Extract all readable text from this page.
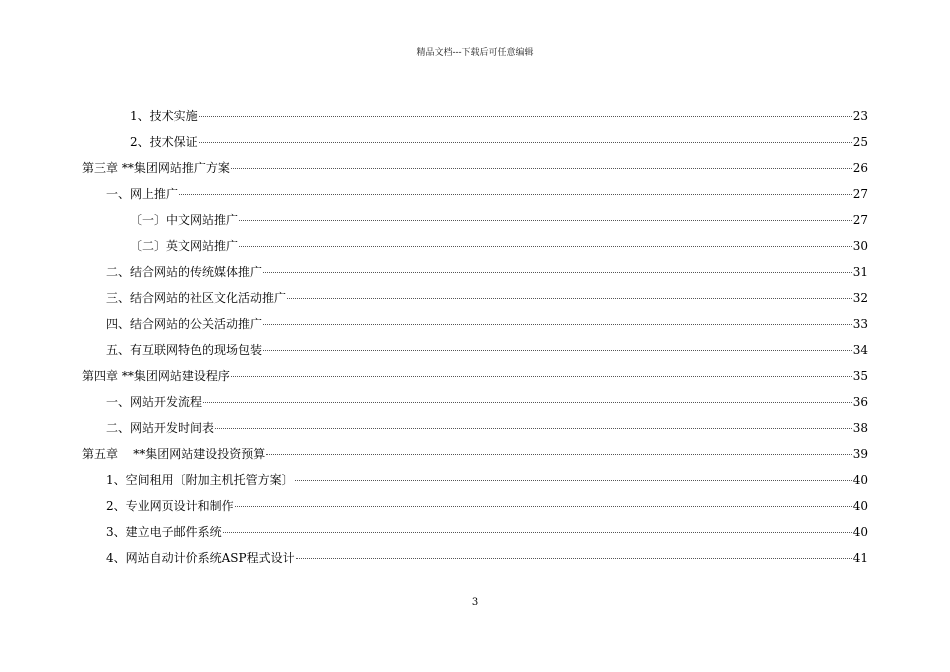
精品文档---下载后可任意编辑
1、技术实施	23
2、技术保证	25
第三章 **集团网站推广方案	26
一、网上推广	27
〔一〕中文网站推广	27
〔二〕英文网站推广	30
二、结合网站的传统媒体推广	31
三、结合网站的社区文化活动推广	32
四、结合网站的公关活动推广	33
五、有互联网特色的现场包装	34
第四章 **集团网站建设程序	35
一、网站开发流程	36
二、网站开发时间表	38
第五章    **集团网站建设投资预算	39
1、空间租用〔附加主机托管方案〕	40
2、专业网页设计和制作	40
3、建立电子邮件系统	40
4、网站自动计价系统ASP程式设计	41
3
